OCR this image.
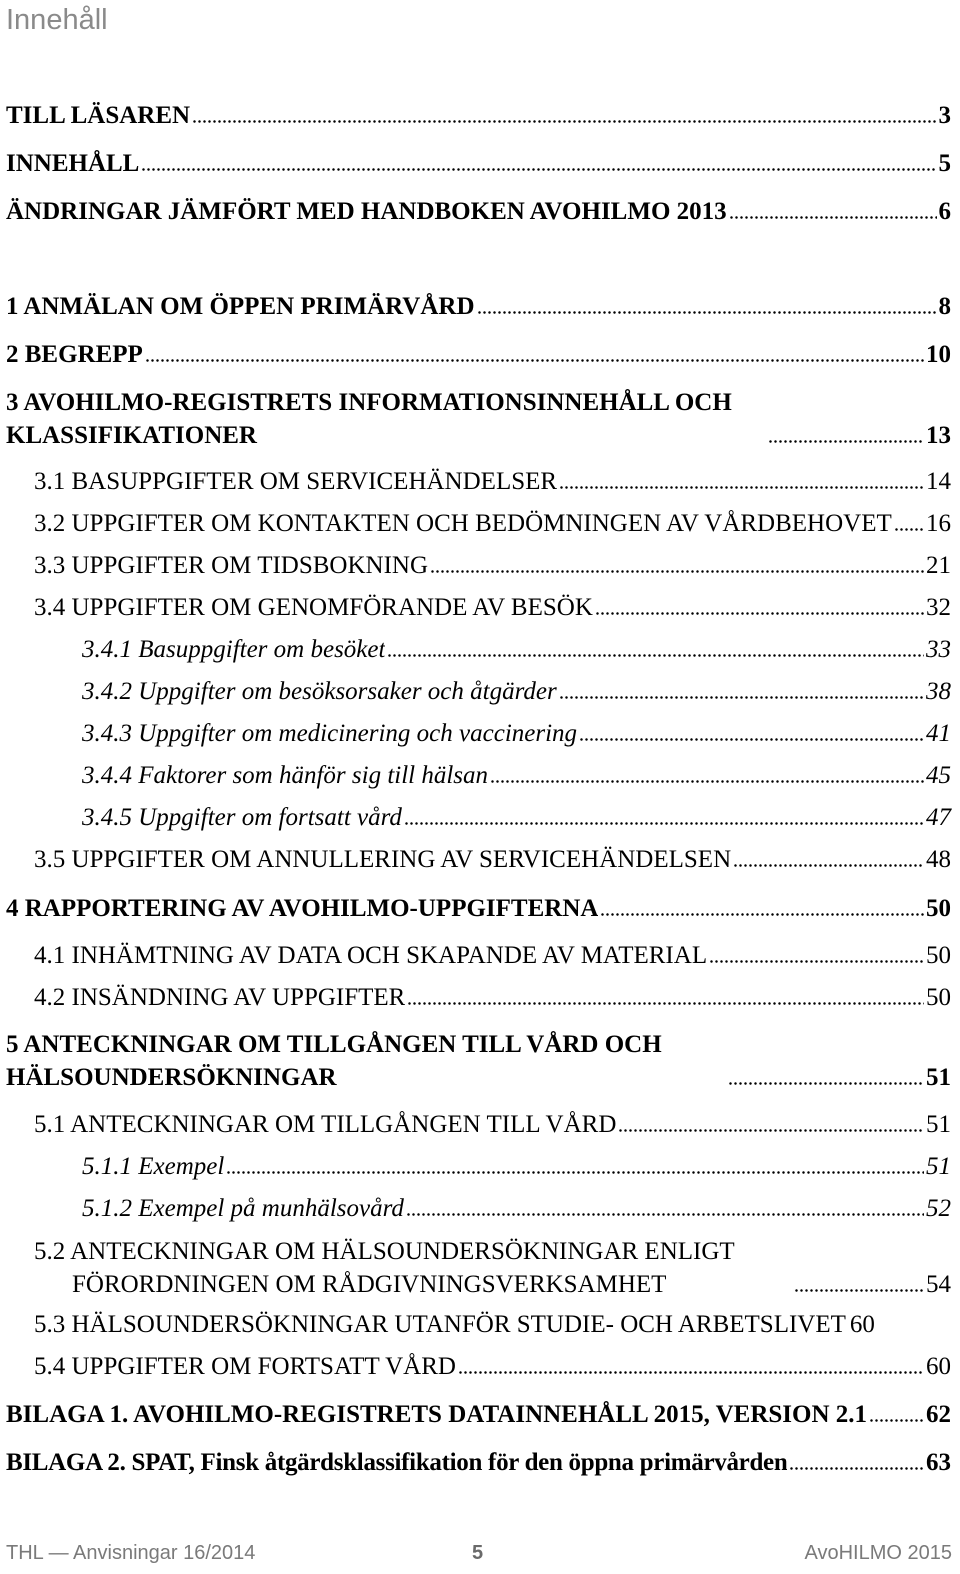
Innehåll
TILL LÄSAREN	3
INNEHÅLL	5
ÄNDRINGAR JÄMFÖRT MED HANDBOKEN AVOHILMO 2013	6
1 ANMÄLAN OM ÖPPEN PRIMÄRVÅRD	8
2 BEGREPP	10
3 AVOHILMO-REGISTRETS INFORMATIONSINNEHÅLL OCH KLASSIFIKATIONER	13
3.1 BASUPPGIFTER OM SERVICEHÄNDELSER	14
3.2 UPPGIFTER OM KONTAKTEN OCH BEDÖMNINGEN AV VÅRDBEHOVET 16
3.3 UPPGIFTER OM TIDSBOKNING	21
3.4 UPPGIFTER OM GENOMFÖRANDE AV BESÖK	32
3.4.1 Basuppgifter om besöket	33
3.4.2 Uppgifter om besöksorsaker och åtgärder	38
3.4.3 Uppgifter om medicinering och vaccinering	41
3.4.4 Faktorer som hänför sig till hälsan	45
3.4.5 Uppgifter om fortsatt vård	47
3.5 UPPGIFTER OM ANNULLERING AV SERVICEHÄNDELSEN	48
4 RAPPORTERING AV AVOHILMO-UPPGIFTERNA	50
4.1 INHÄMTNING AV DATA OCH SKAPANDE AV MATERIAL	50
4.2 INSÄNDNING AV UPPGIFTER	50
5 ANTECKNINGAR OM TILLGÅNGEN TILL VÅRD OCH HÄLSOUNDERSÖKNINGAR	51
5.1 ANTECKNINGAR OM TILLGÅNGEN TILL VÅRD	51
5.1.1 Exempel	51
5.1.2 Exempel på munhälsovård	52
5.2 ANTECKNINGAR OM HÄLSOUNDERSÖKNINGAR ENLIGT FÖRORDNINGEN OM RÅDGIVNINGSVERKSAMHET	54
5.3 HÄLSOUNDERSÖKNINGAR UTANFÖR STUDIE- OCH ARBETSLIVET 60
5.4 UPPGIFTER OM FORTSATT VÅRD	60
BILAGA 1. AVOHILMO-REGISTRETS DATAINNEHÅLL 2015, VERSION 2.1 62
BILAGA 2. SPAT, Finsk åtgärdsklassifikation för den öppna primärvården	63
THL — Anvisningar 16/2014	5	AvoHILMO 2015
